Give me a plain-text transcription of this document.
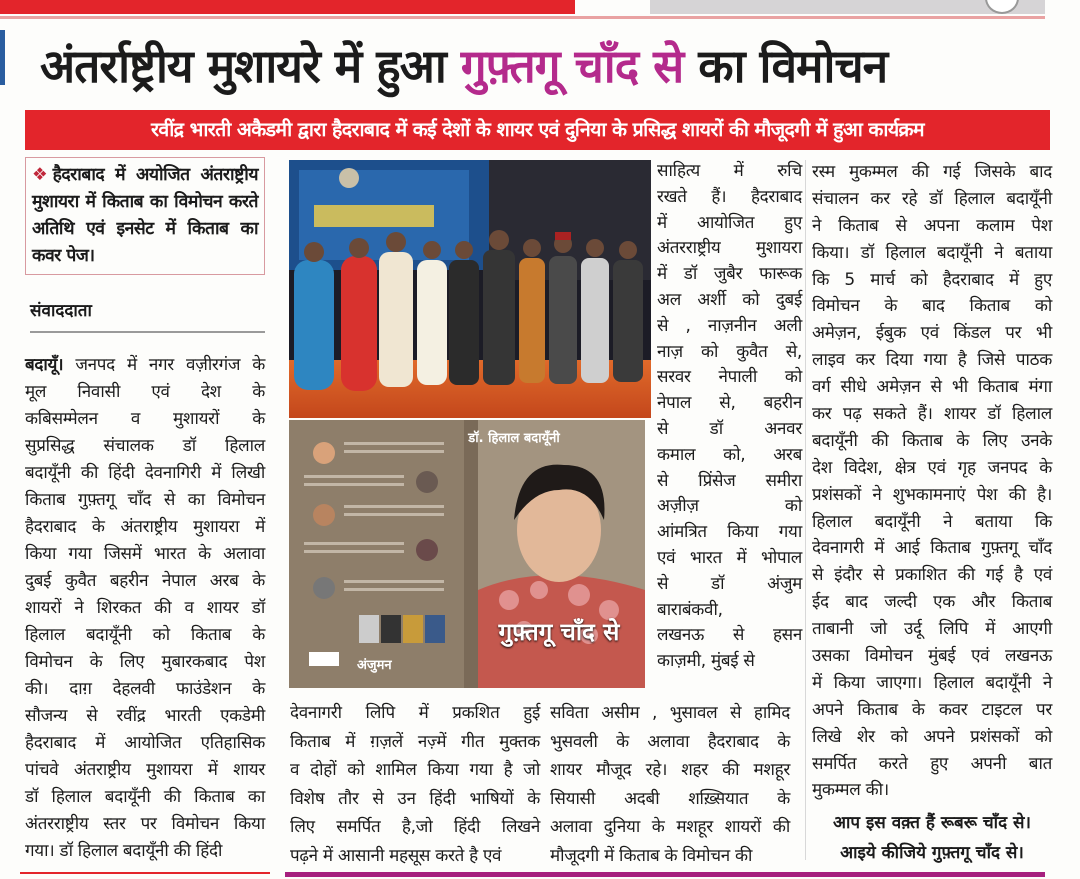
अंतर्राष्ट्रीय मुशायरे में हुआ गुफ़्तगू चाँद से का विमोचन
रवींद्र भारती अकैडमी द्वारा हैदराबाद में कई देशों के शायर एवं दुनिया के प्रसिद्ध शायरों की मौजूदगी में हुआ कार्यक्रम
❖हैदराबाद में अयोजित अंतराष्ट्रीय मुशायरा में किताब का विमोचन करते अतिथि एवं इनसेट में किताब का कवर पेज।
संवाददाता
बदायूँ। जनपद में नगर वज़ीरगंज के
मूल निवासी एवं देश के
कबिसम्मेलन व मुशायरों के
सुप्रसिद्ध संचालक डॉ हिलाल
बदायूँनी की हिंदी देवनागिरी में लिखी
किताब गुफ़्तगू चाँद से का विमोचन
हैदराबाद के अंतराष्ट्रीय मुशायरा में
किया गया जिसमें भारत के अलावा
दुबई कुवैत बहरीन नेपाल अरब के
शायरों ने शिरकत की व शायर डॉ
हिलाल बदायूँनी को किताब के
विमोचन के लिए मुबारकबाद पेश
की। दाग़ देहलवी फाउंडेशन के
सौजन्य से रवींद्र भारती एकडेमी
हैदराबाद में आयोजित एतिहासिक
पांचवे अंतराष्ट्रीय मुशायरा में शायर
डॉ हिलाल बदायूँनी की किताब का
अंतरराष्ट्रीय स्तर पर विमोचन किया
गया। डॉ हिलाल बदायूँनी की हिंदी
देवनागरी लिपि में प्रकशित हुई
किताब में ग़ज़लें नज़्में गीत मुक्तक
व दोहों को शामिल किया गया है जो
विशेष तौर से उन हिंदी भाषियों के
लिए समर्पित है,जो हिंदी लिखने
पढ़ने में आसानी महसूस करते है एवं
सविता असीम , भुसावल से हामिद
भुसवली के अलावा हैदराबाद के
शायर मौजूद रहे। शहर की मशहूर
सियासी अदबी शख़्सियात के
अलावा दुनिया के मशहूर शायरों की
मौजूदगी में किताब के विमोचन की
साहित्य में रुचि
रखते हैं। हैदराबाद
में आयोजित हुए
अंतरराष्ट्रीय मुशायरा
में डॉ जुबैर फारूक
अल अर्शी को दुबई
से , नाज़नीन अली
नाज़ को कुवैत से,
सरवर नेपाली को
नेपाल से, बहरीन
से डॉ अनवर
कमाल को, अरब
से प्रिंसेज समीरा
अज़ीज़ को
आंमत्रित किया गया
एवं भारत में भोपाल
से डॉ अंजुम
बाराबंकवी,
लखनऊ से हसन
काज़मी, मुंबई से
रस्म मुकम्मल की गई जिसके बाद
संचालन कर रहे डॉ हिलाल बदायूँनी
ने किताब से अपना कलाम पेश
किया। डॉ हिलाल बदायूँनी ने बताया
कि 5 मार्च को हैदराबाद में हुए
विमोचन के बाद किताब को
अमेज़न, ईबुक एवं किंडल पर भी
लाइव कर दिया गया है जिसे पाठक
वर्ग सीधे अमेज़न से भी किताब मंगा
कर पढ़ सकते हैं। शायर डॉ हिलाल
बदायूँनी की किताब के लिए उनके
देश विदेश, क्षेत्र एवं गृह जनपद के
प्रशंसकों ने शुभकामनाएं पेश की है।
हिलाल बदायूँनी ने बताया कि
देवनागरी में आई किताब गुफ़्तगू चाँद
से इंदौर से प्रकाशित की गई है एवं
ईद बाद जल्दी एक और किताब
ताबानी जो उर्दू लिपि में आएगी
उसका विमोचन मुंबई एवं लखनऊ
में किया जाएगा। हिलाल बदायूँनी ने
अपने किताब के कवर टाइटल पर
लिखे शेर को अपने प्रशंसकों को
समर्पित करते हुए अपनी बात
मुकम्मल की।
आप इस वक़्त हैं रूबरू चाँद से।
आइये कीजिये गुफ़्तगू चाँद से।
डॉ. हिलाल बदायूँनी
गुफ़्तगू चाँद से
अंजुमन
